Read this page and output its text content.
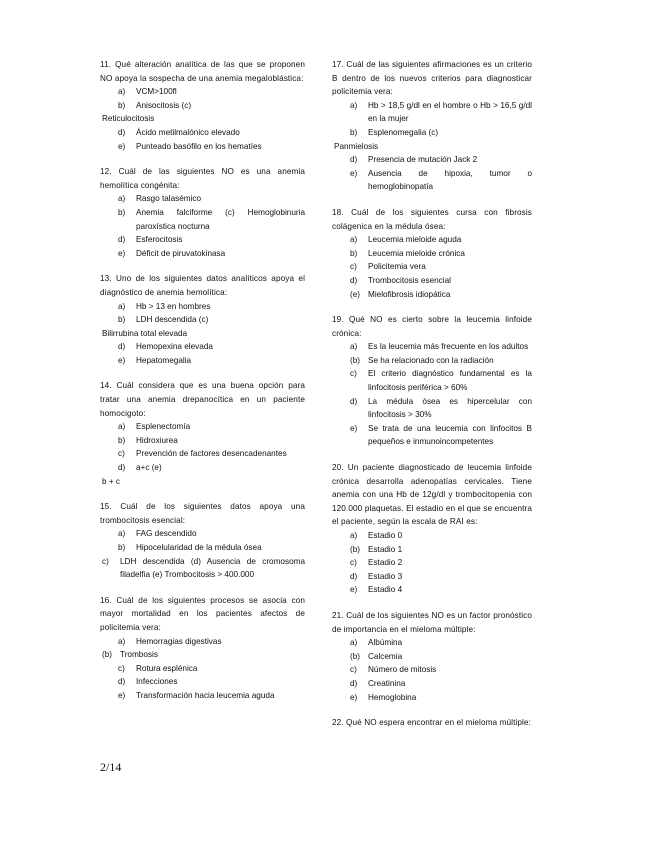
11. Qué alteración analítica de las que se proponen NO apoya la sospecha de una anemia megaloblástica:
a)	VCM>100fl
b)	Anisocitosis (c)
Reticulocitosis
d)	Ácido metilmalónico elevado
e)	Punteado basófilo en los hematíes
12. Cuál de las siguientes NO es una anemia hemolítica congénita:
a)	Rasgo talasémico
b)	Anemia falciforme (c) Hemoglobinuria paroxística nocturna
d)	Esferocitosis
e)	Déficit de piruvatokinasa
13. Uno de los siguientes datos analíticos apoya el diagnóstico de anemia hemolítica:
a)	Hb > 13 en hombres
b)	LDH descendida (c)
Bilirrubina total elevada
d)	Hemopexina elevada
e)	Hepatomegalia
14. Cuál considera que es una buena opción para tratar una anemia drepanocítica en un paciente homocigoto:
a)	Esplenectomía
b)	Hidroxiurea
c)	Prevención de factores desencadenantes
d)	a+c (e)
b + c
15. Cuál de los siguientes datos apoya una trombocitosis esencial:
a)	FAG descendido
b)	Hipocelularidad de la médula ósea
c)	LDH descendida (d) Ausencia de cromosoma filadelfia (e) Trombocitosis > 400.000
16. Cuál de los siguientes procesos se asocia con mayor mortalidad en los pacientes afectos de policitemia vera:
a)	Hemorragias digestivas
(b) Trombosis
c)	Rotura esplénica
d)	Infecciones
e)	Transformación hacia leucemia aguda
17. Cuál de las siguientes afirmaciones es un criterio B dentro de los nuevos criterios para diagnosticar policitemia vera:
a)	Hb > 18,5 g/dl en el hombre o Hb > 16,5 g/dl en la mujer
b)	Esplenomegalia (c)
Panmielosis
d)	Presencia de mutación Jack 2
e)	Ausencia de hipoxia, tumor o hemoglobinopatía
18. Cuál de los siguientes cursa con fibrosis colágenica en la médula ósea:
a)	Leucemia mieloide aguda
b)	Leucemia mieloide crónica
c)	Policitemia vera
d)	Trombocitosis esencial
(e) Mielofibrosis idiopática
19. Qué NO es cierto sobre la leucemia linfoide crónica:
a)	Es la leucemia más frecuente en los adultos
(b) Se ha relacionado con la radiación
c)	El criterio diagnóstico fundamental es la linfocitosis periférica > 60%
d)	La médula ósea es hipercelular con linfocitosis > 30%
e)	Se trata de una leucemia con linfocitos B pequeños e inmunoincompetentes
20. Un paciente diagnosticado de leucemia linfoide crónica desarrolla adenopatías cervicales. Tiene anemia con una Hb de 12g/dl y trombocitopenia con 120.000 plaquetas. El estadio en el que se encuentra el paciente, según la escala de RAI es:
a)	Estadio 0
(b) Estadio 1
c)	Estadio 2
d)	Estadio 3
e)	Estadio 4
21. Cuál de los siguientes NO es un factor pronóstico de importancia en el mieloma múltiple:
a)	Albúmina
(b) Calcemia
c)	Número de mitosis
d)	Creatinina
e)	Hemoglobina
22. Qué NO espera encontrar en el mieloma múltiple:
2/14
